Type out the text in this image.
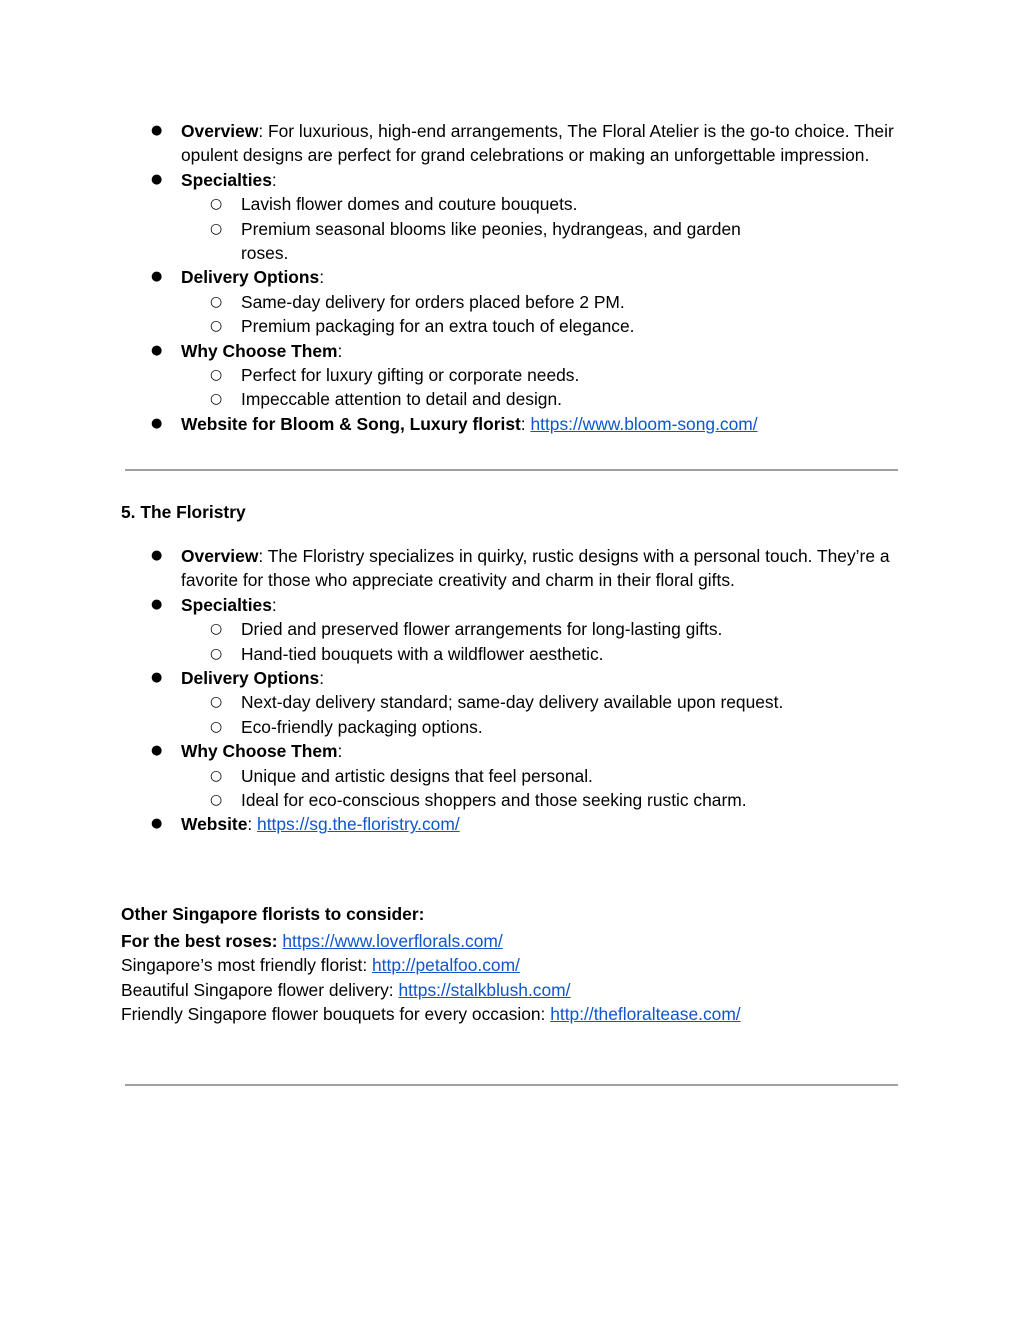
● Overview: For luxurious, high-end arrangements, The Floral Atelier is the go-to choice. Their opulent designs are perfect for grand celebrations or making an unforgettable impression.
● Specialties:
○ Lavish flower domes and couture bouquets.
○ Premium seasonal blooms like peonies, hydrangeas, and garden roses.
● Delivery Options:
○ Same-day delivery for orders placed before 2 PM.
○ Premium packaging for an extra touch of elegance.
● Why Choose Them:
○ Perfect for luxury gifting or corporate needs.
○ Impeccable attention to detail and design.
● Website for Bloom & Song, Luxury florist: https://www.bloom-song.com/
5. The Floristry
● Overview: The Floristry specializes in quirky, rustic designs with a personal touch. They’re a favorite for those who appreciate creativity and charm in their floral gifts.
● Specialties:
○ Dried and preserved flower arrangements for long-lasting gifts.
○ Hand-tied bouquets with a wildflower aesthetic.
● Delivery Options:
○ Next-day delivery standard; same-day delivery available upon request.
○ Eco-friendly packaging options.
● Why Choose Them:
○ Unique and artistic designs that feel personal.
○ Ideal for eco-conscious shoppers and those seeking rustic charm.
● Website: https://sg.the-floristry.com/
Other Singapore florists to consider:
For the best roses: https://www.loverflorals.com/
Singapore’s most friendly florist: http://petalfoo.com/
Beautiful Singapore flower delivery: https://stalkblush.com/
Friendly Singapore flower bouquets for every occasion: http://thefloraltease.com/
